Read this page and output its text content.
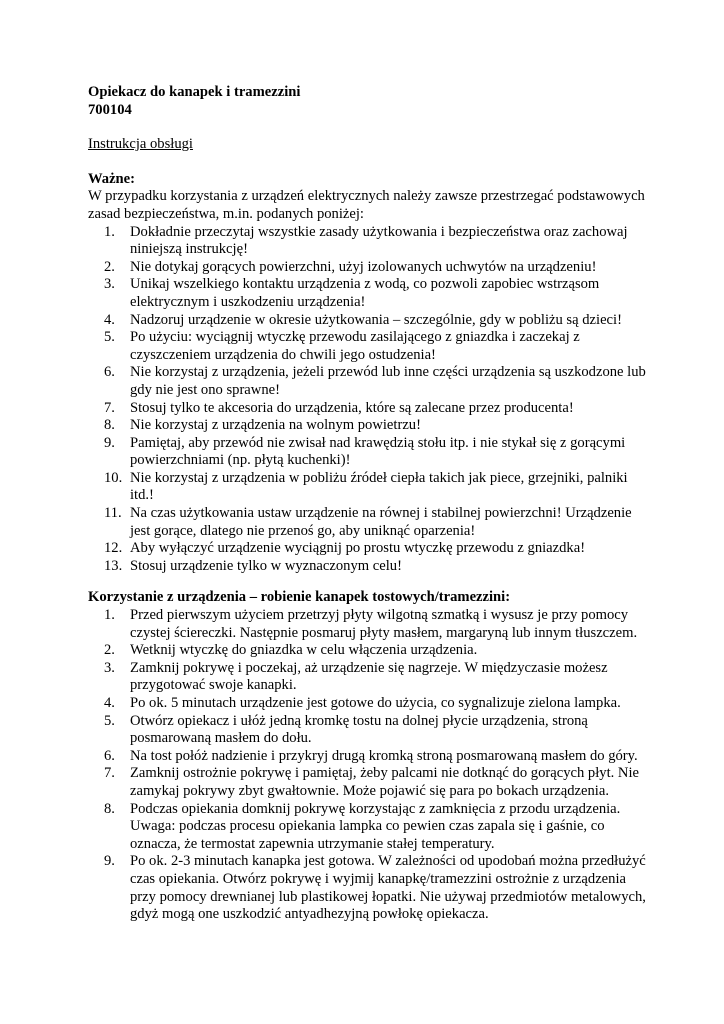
Opiekacz do kanapek i tramezzini

700104

Instrukcja obsługi

Ważne:

W przypadku korzystania z urządzeń elektrycznych należy zawsze przestrzegać podstawowych zasad bezpieczeństwa, m.in. podanych poniżej:

1.	Dokładnie przeczytaj wszystkie zasady użytkowania i bezpieczeństwa oraz zachowaj niniejszą instrukcję!
2.	Nie dotykaj gorących powierzchni, użyj izolowanych uchwytów na urządzeniu!
3.	Unikaj wszelkiego kontaktu urządzenia z wodą, co pozwoli zapobiec wstrząsom elektrycznym i uszkodzeniu urządzenia!
4.	Nadzoruj urządzenie w okresie użytkowania – szczególnie, gdy w pobliżu są dzieci!
5.	Po użyciu: wyciągnij wtyczkę przewodu zasilającego z gniazdka i zaczekaj z czyszczeniem urządzenia do chwili jego ostudzenia!
6.	Nie korzystaj z urządzenia, jeżeli przewód lub inne części urządzenia są uszkodzone lub gdy nie jest ono sprawne!
7.	Stosuj tylko te akcesoria do urządzenia, które są zalecane przez producenta!
8.	Nie korzystaj z urządzenia na wolnym powietrzu!
9.	Pamiętaj, aby przewód nie zwisał nad krawędzią stołu itp. i nie stykał się z gorącymi powierzchniami (np. płytą kuchenki)!
10. Nie korzystaj z urządzenia w pobliżu źródeł ciepła takich jak piece, grzejniki, palniki itd.!
11. Na czas użytkowania ustaw urządzenie na równej i stabilnej powierzchni! Urządzenie jest gorące, dlatego nie przenoś go, aby uniknąć oparzenia!
12. Aby wyłączyć urządzenie wyciągnij po prostu wtyczkę przewodu z gniazdka!
13. Stosuj urządzenie tylko w wyznaczonym celu!

Korzystanie z urządzenia – robienie kanapek tostowych/tramezzini:

1.	Przed pierwszym użyciem przetrzyj płyty wilgotną szmatką i wysusz je przy pomocy czystej ściereczki. Następnie posmaruj płyty masłem, margaryną lub innym tłuszczem.
2.	Wetknij wtyczkę do gniazdka w celu włączenia urządzenia.
3.	Zamknij pokrywę i poczekaj, aż urządzenie się nagrzeje. W międzyczasie możesz przygotować swoje kanapki.
4.	Po ok. 5 minutach urządzenie jest gotowe do użycia, co sygnalizuje zielona lampka.
5.	Otwórz opiekacz i ułóż jedną kromkę tostu na dolnej płycie urządzenia, stroną posmarowaną masłem do dołu.
6.	Na tost połóż nadzienie i przykryj drugą kromką stroną posmarowaną masłem do góry.
7.	Zamknij ostrożnie pokrywę i pamiętaj, żeby palcami nie dotknąć do gorących płyt. Nie zamykaj pokrywy zbyt gwałtownie. Może pojawić się para po bokach urządzenia.
8.	Podczas opiekania domknij pokrywę korzystając z zamknięcia z przodu urządzenia. Uwaga: podczas procesu opiekania lampka co pewien czas zapala się i gaśnie, co oznacza, że termostat zapewnia utrzymanie stałej temperatury.
9.	Po ok. 2-3 minutach kanapka jest gotowa. W zależności od upodobań można przedłużyć czas opiekania. Otwórz pokrywę i wyjmij kanapkę/tramezzini ostrożnie z urządzenia przy pomocy drewnianej lub plastikowej łopatki. Nie używaj przedmiotów metalowych, gdyż mogą one uszkodzić antyadhezyjną powłokę opiekacza.
